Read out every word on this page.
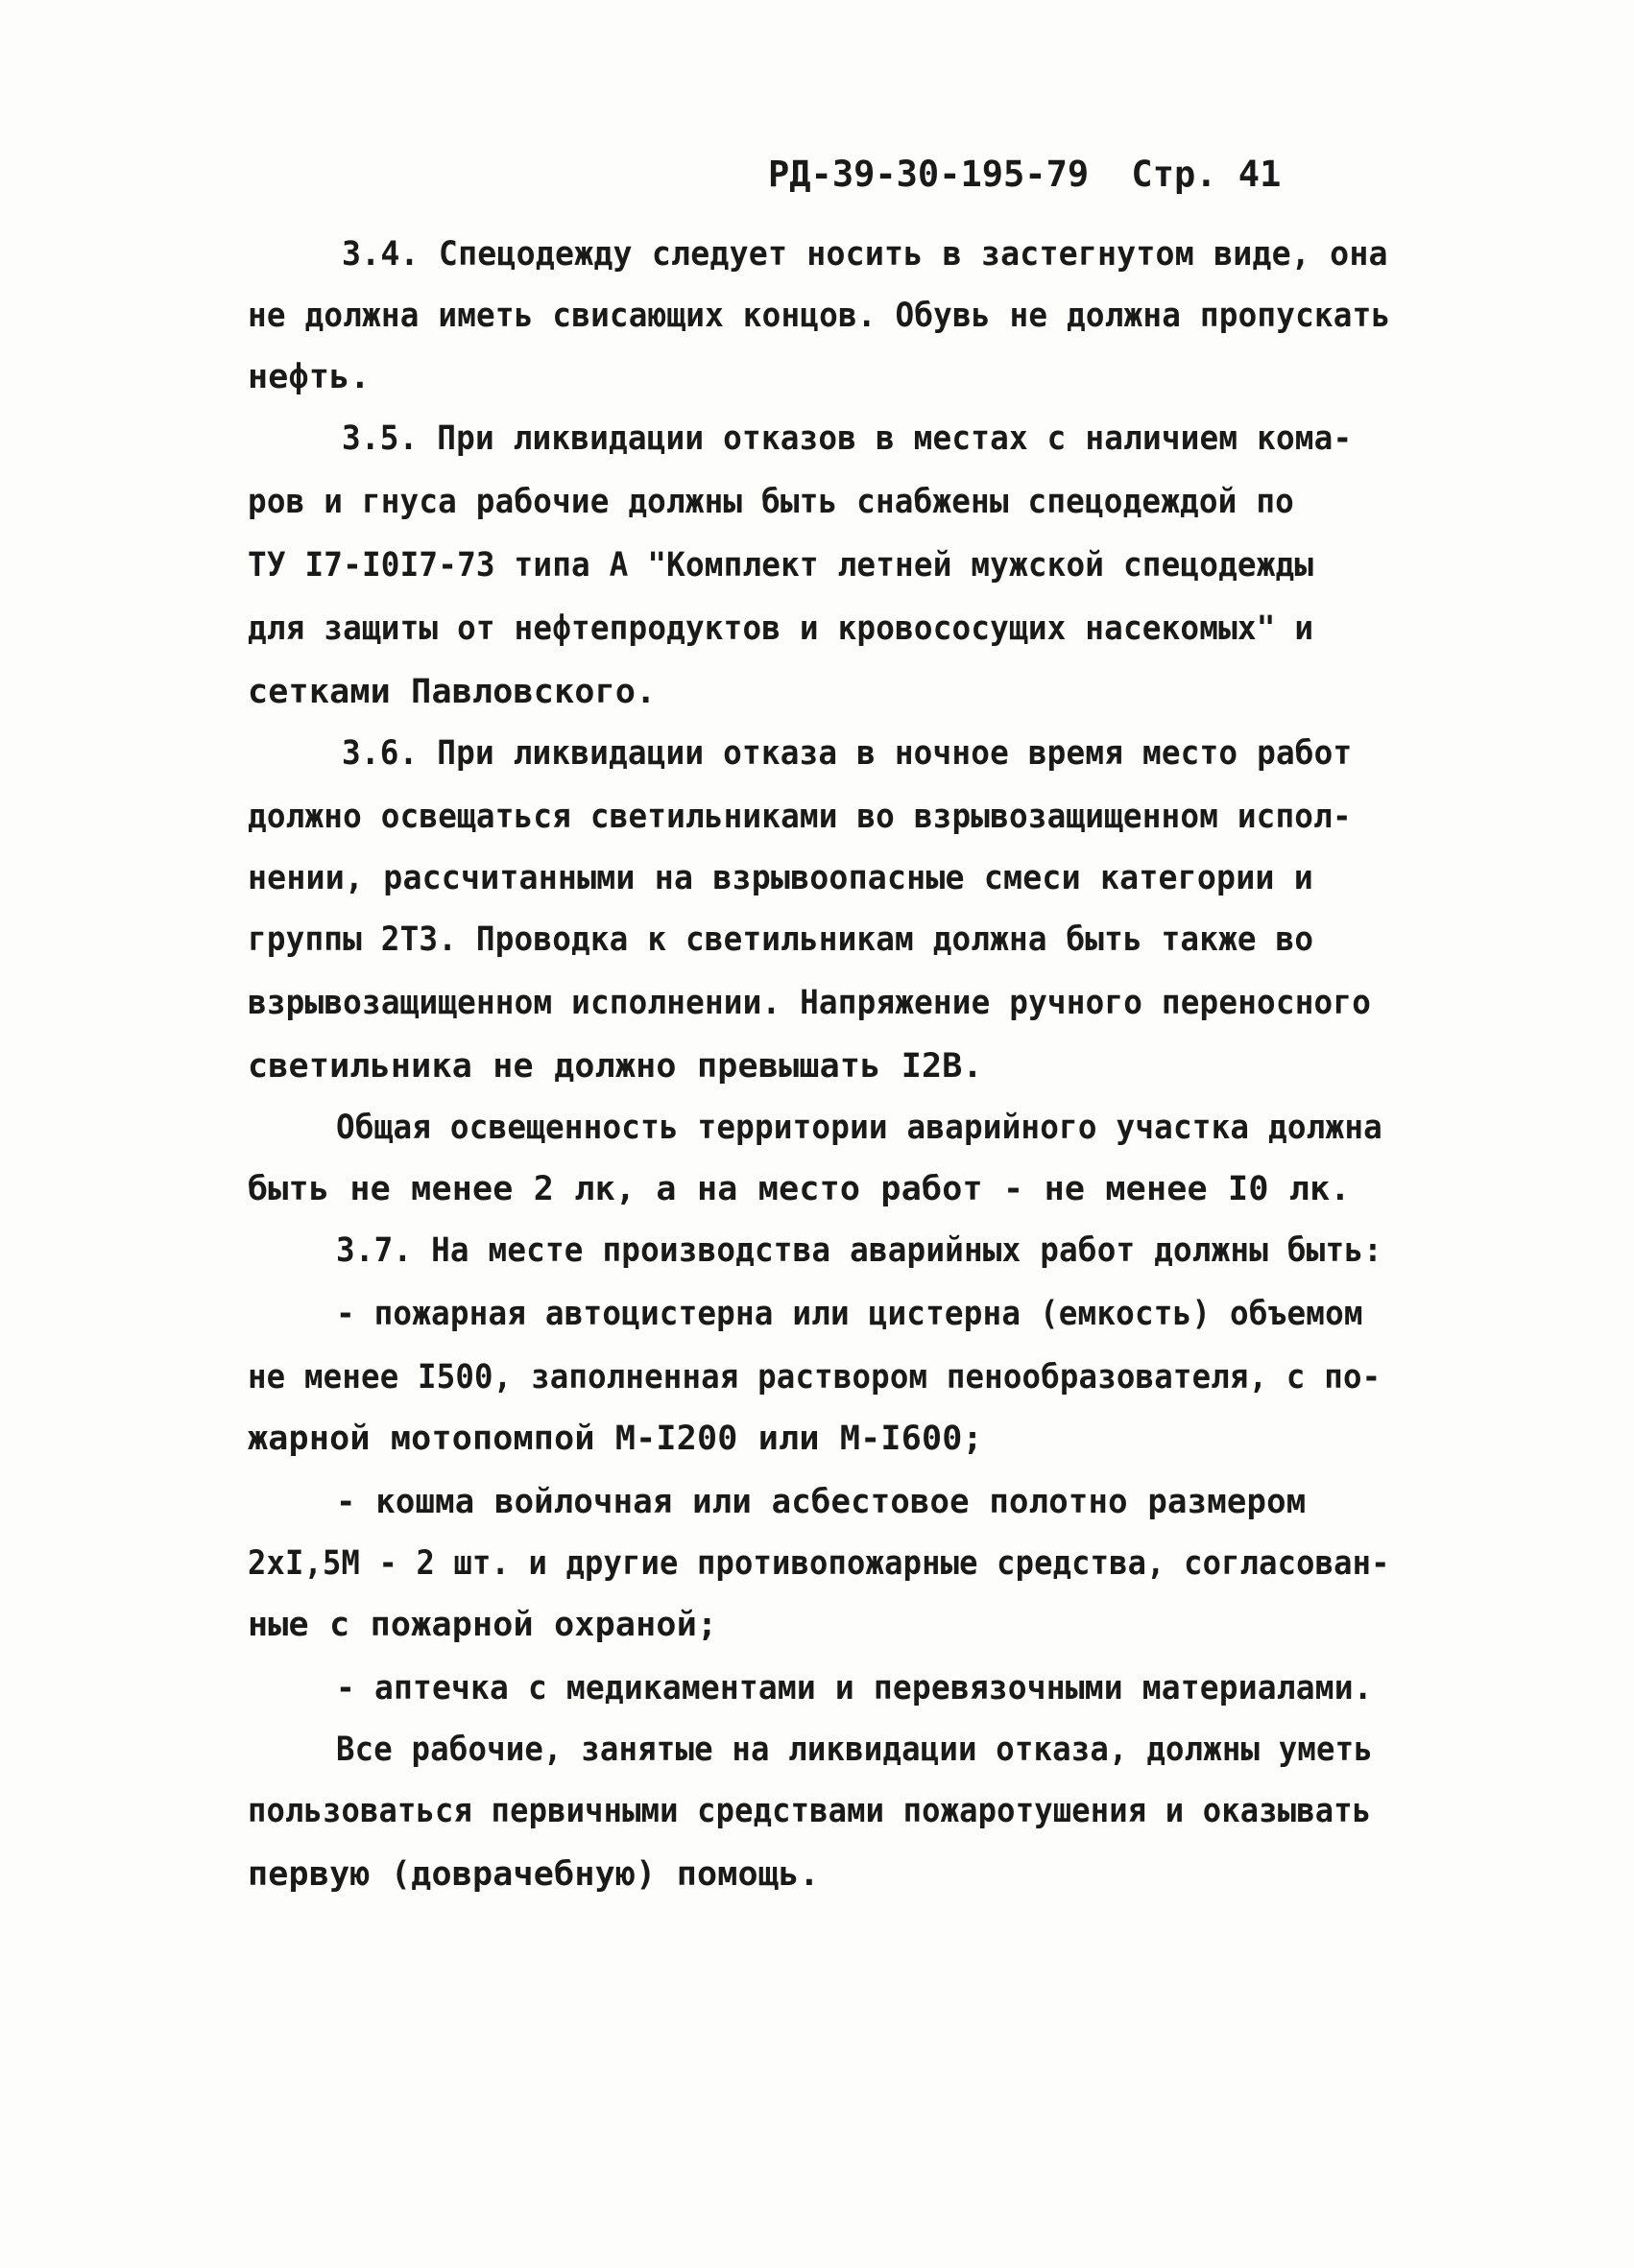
РД-39-30-195-79 Стр. 41
3.4. Спецодежду следует носить в застегнутом виде, она
не должна иметь свисающих концов. Обувь не должна пропускать
нефть.
3.5. При ликвидации отказов в местах с наличием кома-
ров и гнуса рабочие должны быть снабжены спецодеждой по
ТУ I7-I0I7-73 типа А "Комплект летней мужской спецодежды
для защиты от нефтепродуктов и кровососущих насекомых" и
сетками Павловского.
3.6. При ликвидации отказа в ночное время место работ
должно освещаться светильниками во взрывозащищенном испол-
нении, рассчитанными на взрывоопасные смеси категории и
группы 2Т3. Проводка к светильникам должна быть также во
взрывозащищенном исполнении. Напряжение ручного переносного
светильника не должно превышать I2В.
Общая освещенность территории аварийного участка должна
быть не менее 2 лк, а на место работ - не менее I0 лк.
3.7. На месте производства аварийных работ должны быть:
- пожарная автоцистерна или цистерна (емкость) объемом
не менее I500, заполненная раствором пенообразователя, с по-
жарной мотопомпой М-I200 или М-I600;
- кошма войлочная или асбестовое полотно размером
2хI,5М - 2 шт. и другие противопожарные средства, согласован-
ные с пожарной охраной;
- аптечка с медикаментами и перевязочными материалами.
Все рабочие, занятые на ликвидации отказа, должны уметь
пользоваться первичными средствами пожаротушения и оказывать
первую (доврачебную) помощь.
